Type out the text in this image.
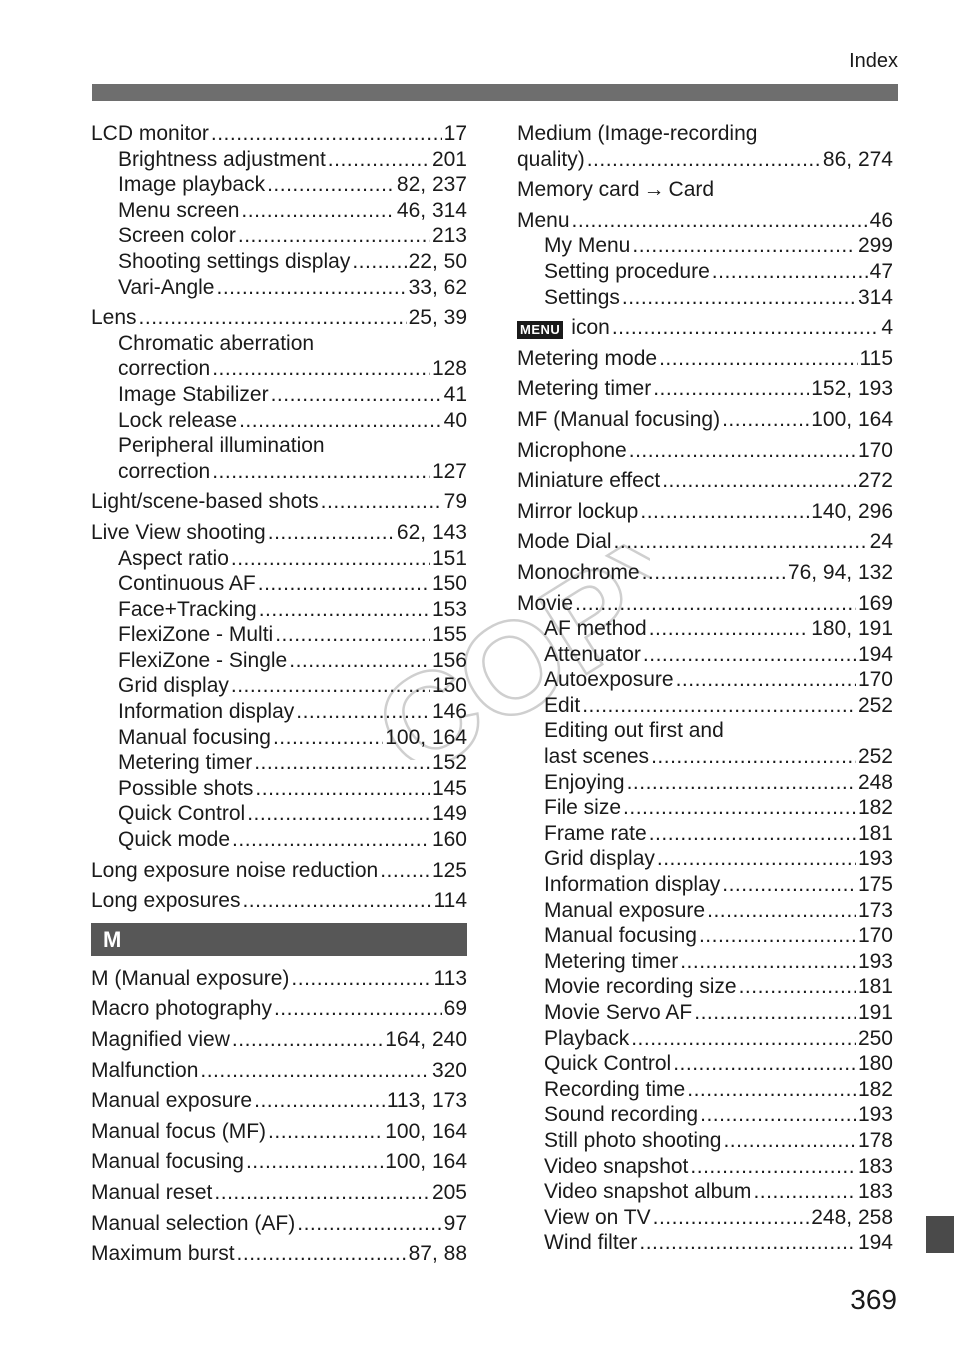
Index
COPY
LCD monitor .....	17
Brightness adjustment .....	201
Image playback .....	82, 237
Menu screen .....	46, 314
Screen color .....	213
Shooting settings display .....	22, 50
Vari-Angle .....	33, 62
Lens .....	25, 39
Chromatic aberration
correction .....	128
Image Stabilizer .....	41
Lock release .....	40
Peripheral illumination
correction .....	127
Light/scene-based shots .....	79
Live View shooting .....	62, 143
Aspect ratio .....	151
Continuous AF .....	150
Face+Tracking .....	153
FlexiZone - Multi .....	155
FlexiZone - Single .....	156
Grid display .....	150
Information display .....	146
Manual focusing .....	100, 164
Metering timer .....	152
Possible shots .....	145
Quick Control .....	149
Quick mode .....	160
Long exposure noise reduction .....	125
Long exposures .....	114
M
M (Manual exposure) .....	113
Macro photography .....	69
Magnified view .....	164, 240
Malfunction .....	320
Manual exposure .....	113, 173
Manual focus (MF) .....	100, 164
Manual focusing .....	100, 164
Manual reset .....	205
Manual selection (AF) .....	97
Maximum burst .....	87, 88
Medium (Image-recording
quality) .....	86, 274
Memory card → Card
Menu .....	46
My Menu .....	299
Setting procedure .....	47
Settings .....	314
MENU icon .....	4
Metering mode .....	115
Metering timer .....	152, 193
MF (Manual focusing) .....	100, 164
Microphone .....	170
Miniature effect .....	272
Mirror lockup .....	140, 296
Mode Dial .....	24
Monochrome .....	76, 94, 132
Movie .....	169
AF method .....	180, 191
Attenuator .....	194
Autoexposure .....	170
Edit .....	252
Editing out first and
last scenes .....	252
Enjoying .....	248
File size .....	182
Frame rate .....	181
Grid display .....	193
Information display .....	175
Manual exposure .....	173
Manual focusing .....	170
Metering timer .....	193
Movie recording size .....	181
Movie Servo AF .....	191
Playback .....	250
Quick Control .....	180
Recording time .....	182
Sound recording .....	193
Still photo shooting .....	178
Video snapshot .....	183
Video snapshot album .....	183
View on TV .....	248, 258
Wind filter .....	194
369
